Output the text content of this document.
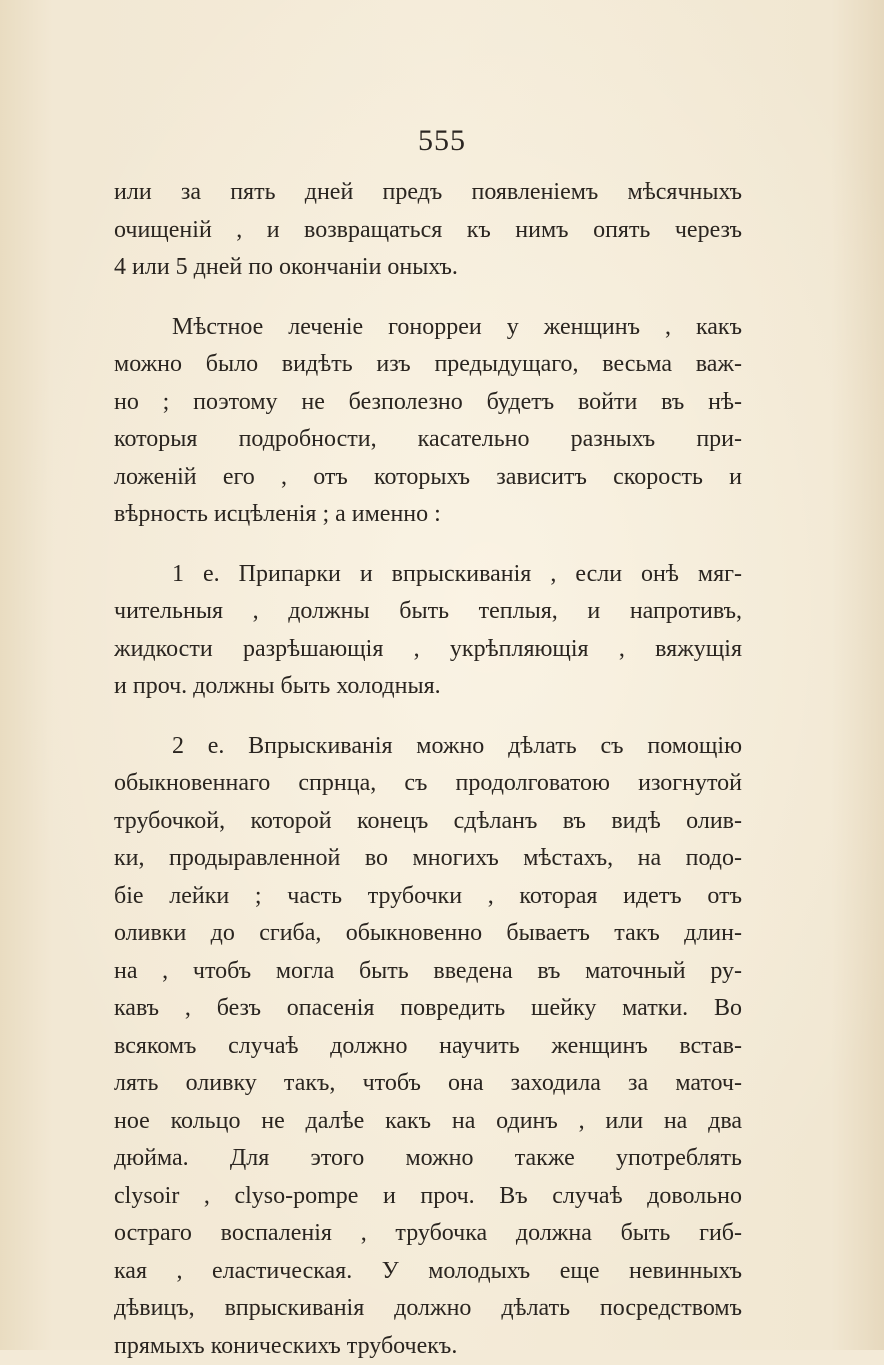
555
или за пять дней предъ появленiемъ мѣсячныхъ
очищенiй , и возвращаться къ нимъ опять черезъ
4 или 5 дней по окончанiи оныхъ.
Мѣстное леченiе гонорреи у женщинъ , какъ
можно было видѣть изъ предыдущаго, весьма важ-
но ; поэтому не безполезно будетъ войти въ нѣ-
которыя подробности, касательно разныхъ при-
ложенiй его , отъ которыхъ зависитъ скорость и
вѣрность исцѣленiя ; а именно :
1 е. Припарки и впрыскиванiя , если онѣ мяг-
чительныя , должны быть теплыя, и напротивъ,
жидкости разрѣшающiя , укрѣпляющiя , вяжущiя
и проч. должны быть холодныя.
2 е. Впрыскиванiя можно дѣлать съ помощiю
обыкновеннаго спрнца, съ продолговатою изогнутой
трубочкой, которой конецъ сдѣланъ въ видѣ олив-
ки, продыравленной во многихъ мѣстахъ, на подо-
бiе лейки ; часть трубочки , которая идетъ отъ
оливки до сгиба, обыкновенно бываетъ такъ длин-
на , чтобъ могла быть введена въ маточный ру-
кавъ , безъ опасенiя повредить шейку матки. Во
всякомъ случаѣ должно научить женщинъ встав-
лять оливку такъ, чтобъ она заходила за маточ-
ное кольцо не далѣе какъ на одинъ , или на два
дюйма. Для этого можно также употреблять
clysoir , clyso-pompe и проч. Въ случаѣ довольно
остраго воспаленiя , трубочка должна быть гиб-
кая , еластическая. У молодыхъ еще невинныхъ
дѣвицъ, впрыскиванiя должно дѣлать посредствомъ
прямыхъ коническихъ трубочекъ.
